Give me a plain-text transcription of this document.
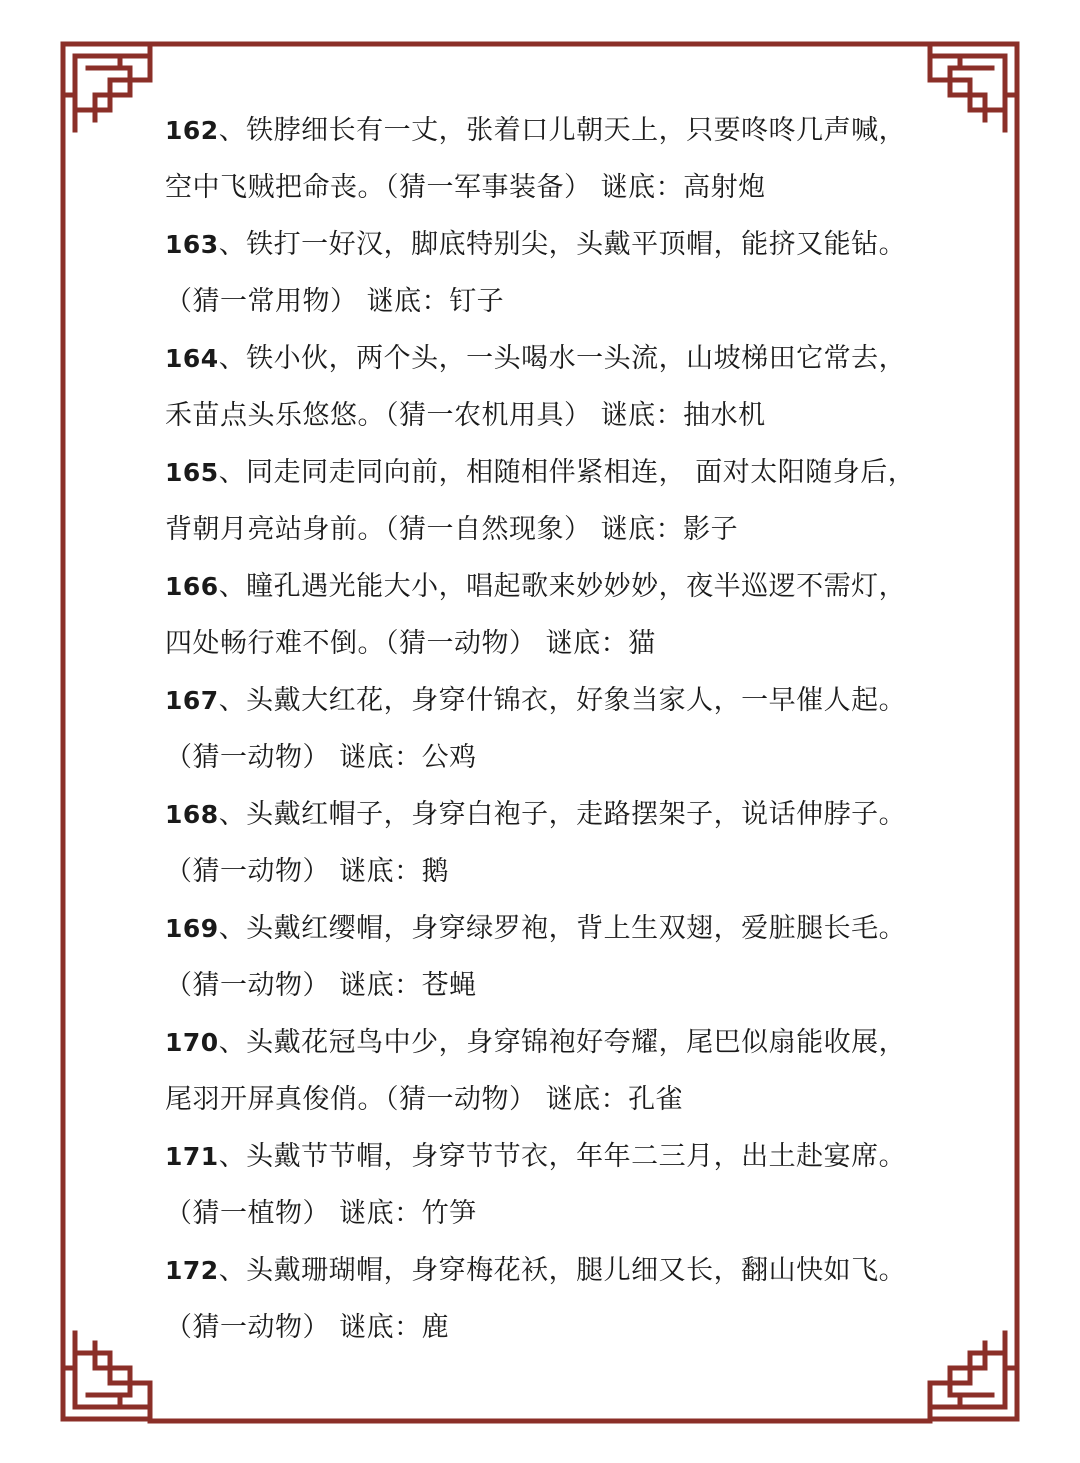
162、铁脖细长有一丈，张着口儿朝天上，只要咚咚几声喊，
空中飞贼把命丧。（猜一军事装备） 谜底：高射炮
163、铁打一好汉，脚底特别尖，头戴平顶帽，能挤又能钻。
（猜一常用物） 谜底：钉子
164、铁小伙，两个头，一头喝水一头流，山坡梯田它常去，
禾苗点头乐悠悠。（猜一农机用具） 谜底：抽水机
165、同走同走同向前，相随相伴紧相连， 面对太阳随身后，
背朝月亮站身前。（猜一自然现象） 谜底：影子
166、瞳孔遇光能大小，唱起歌来妙妙妙，夜半巡逻不需灯，
四处畅行难不倒。（猜一动物） 谜底：猫
167、头戴大红花，身穿什锦衣，好象当家人，一早催人起。
（猜一动物） 谜底：公鸡
168、头戴红帽子，身穿白袍子，走路摆架子，说话伸脖子。
（猜一动物） 谜底：鹅
169、头戴红缨帽，身穿绿罗袍，背上生双翅，爱脏腿长毛。
（猜一动物） 谜底：苍蝇
170、头戴花冠鸟中少，身穿锦袍好夸耀，尾巴似扇能收展，
尾羽开屏真俊俏。（猜一动物） 谜底：孔雀
171、头戴节节帽，身穿节节衣，年年二三月，出土赴宴席。
（猜一植物） 谜底：竹笋
172、头戴珊瑚帽，身穿梅花袄，腿儿细又长，翻山快如飞。
（猜一动物） 谜底：鹿
